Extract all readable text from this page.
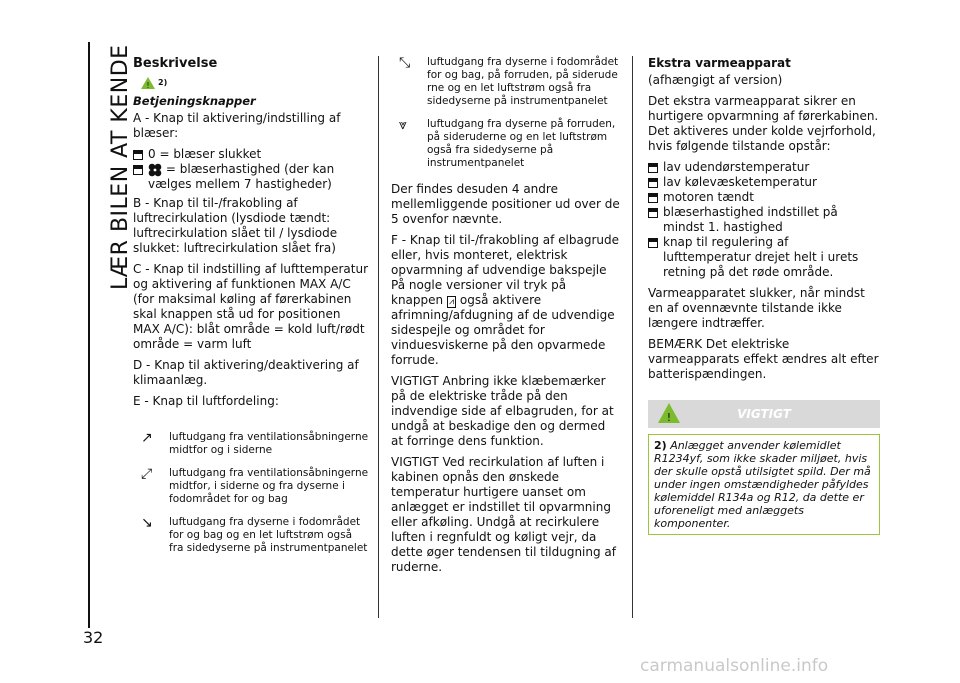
LÆR BILEN AT KENDE
32
Beskrivelse
! $^{2)}$
Betjeningsknapper

A - Knap til aktivering/indstilling af blæser:

0 = blæser slukket
= blæserhastighed (der kan vælges mellem 7 hastigheder)

B - Knap til til-/frakobling af luftrecirkulation (lysdiode tændt: luftrecirkulation slået til / lysdiode slukket: luftrecirkulation slået fra)

C - Knap til indstilling af lufttemperatur og aktivering af funktionen MAX A/C (for maksimal køling af førerkabinen skal knappen stå ud for positionen MAX A/C): blåt område = kold luft/rødt område = varm luft

D - Knap til aktivering/deaktivering af klimaanlæg.

E - Knap til luftfordeling:

↗	luftudgang fra ventilationsåbningerne midtfor og i siderne
⤢	luftudgang fra ventilationsåbningerne midtfor, i siderne og fra dyserne i fodområdet for og bag
↘	luftudgang fra dyserne i fodområdet for og bag og en let luftstrøm også fra sidedyserne på instrumentpanelet
⤡	luftudgang fra dyserne i fodområdet for og bag, på forruden, på siderude rne og en let luftstrøm også fra sidedyserne på instrumentpanelet
⩔	luftudgang fra dyserne på forruden, på sideruderne og en let luftstrøm også fra sidedyserne på instrumentpanelet

Der findes desuden 4 andre mellemliggende positioner ud over de 5 ovenfor nævnte.

F - Knap til til-/frakobling af elbagrude eller, hvis monteret, elektrisk opvarmning af udvendige bakspejle På nogle versioner vil tryk på knappen ⩘ også aktivere afrimning/afdugning af de udvendige sidespejle og området for vinduesviskerne på den opvarmede forrude.

VIGTIGT Anbring ikke klæbemærker på de elektriske tråde på den indvendige side af elbagruden, for at undgå at beskadige den og dermed at forringe dens funktion.

VIGTIGT Ved recirkulation af luften i kabinen opnås den ønskede temperatur hurtigere uanset om anlægget er indstillet til opvarmning eller afkøling. Undgå at recirkulere luften i regnfuldt og køligt vejr, da dette øger tendensen til tildugning af ruderne.

Ekstra varmeapparat

(afhængigt af version)

Det ekstra varmeapparat sikrer en hurtigere opvarmning af førerkabinen. Det aktiveres under kolde vejrforhold, hvis følgende tilstande opstår:

lav udendørstemperatur
lav kølevæsketemperatur
motoren tændt
blæserhastighed indstillet på mindst 1. hastighed
knap til regulering af lufttemperatur drejet helt i urets retning på det røde område.

Varmeapparatet slukker, når mindst en af ovennævnte tilstande ikke længere indtræffer.

BEMÆRK Det elektriske varmeapparats effekt ændres alt efter batterispændingen.

!	VIGTIGT
2) Anlægget anvender kølemidlet R1234yf, som ikke skader miljøet, hvis der skulle opstå utilsigtet spild. Der må under ingen omstændigheder påfyldes kølemiddel R134a og R12, da dette er uforeneligt med anlæggets komponenter.
carmanualsonline.info
